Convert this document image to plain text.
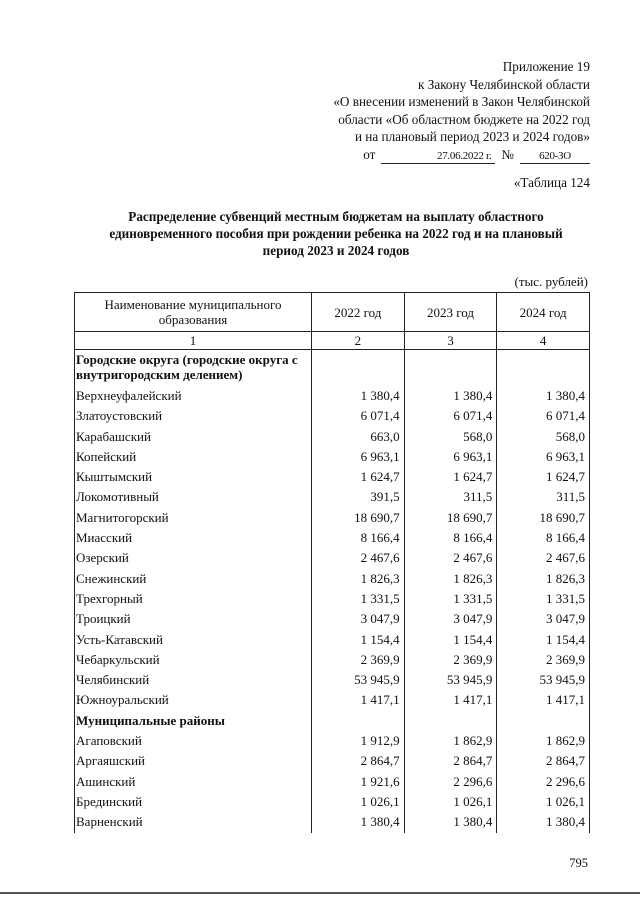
Приложение 19
к Закону Челябинской области
«О внесении изменений в Закон Челябинской
области «Об областном бюджете на 2022 год
и на плановый период 2023 и 2024 годов»
от	27.06.2022 г. №	620-ЗО
«Таблица 124
Распределение субвенций местным бюджетам на выплату областного единовременного пособия при рождении ребенка на 2022 год и на плановый период 2023 и 2024 годов
(тыс. рублей)
Наименование муниципального образования	2022 год	2023 год	2024 год
1	2	3	4
Городские округа (городские округа с внутригородским делением)			
Верхнеуфалейский	1 380,4	1 380,4	1 380,4
Златоустовский	6 071,4	6 071,4	6 071,4
Карабашский	663,0	568,0	568,0
Копейский	6 963,1	6 963,1	6 963,1
Кыштымский	1 624,7	1 624,7	1 624,7
Локомотивный	391,5	311,5	311,5
Магнитогорский	18 690,7	18 690,7	18 690,7
Миасский	8 166,4	8 166,4	8 166,4
Озерский	2 467,6	2 467,6	2 467,6
Снежинский	1 826,3	1 826,3	1 826,3
Трехгорный	1 331,5	1 331,5	1 331,5
Троицкий	3 047,9	3 047,9	3 047,9
Усть-Катавский	1 154,4	1 154,4	1 154,4
Чебаркульский	2 369,9	2 369,9	2 369,9
Челябинский	53 945,9	53 945,9	53 945,9
Южноуральский	1 417,1	1 417,1	1 417,1
Муниципальные районы			
Агаповский	1 912,9	1 862,9	1 862,9
Аргаяшский	2 864,7	2 864,7	2 864,7
Ашинский	1 921,6	2 296,6	2 296,6
Брединский	1 026,1	1 026,1	1 026,1
Варненский	1 380,4	1 380,4	1 380,4
795
